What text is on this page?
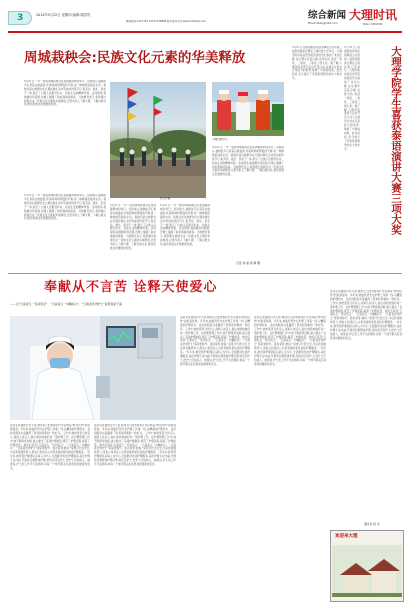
3	2014年5月22日 星期四 编辑:周国茂
新闻热线:2127750 13577258888 数字报刊平台:www.dalidaily.com
综合新闻 大理时讯
Email:dlsxbj@163.com	DALI SHIXUN
周城栽秧会:民族文化元素的华美释放
5月21日,一年一度的周城栽秧会在喜洲镇周城村举行。田间地头,插秧能手们身着白族盛装,伴着唢呐和锣鼓的节奏,将一株株秧苗插进水田。栽秧会是白族群众在长期农耕生活中形成的传统节日,集劳动、娱乐、祭祀于一体,展示了白族人民勤劳朴实、热爱生活的精神风貌。活动现场,栽秧旗迎风招展,田埂上围满了前来观看的游客。当地群众表示,希望通过栽秧会这一民族文化元素的华美释放,让更多的人了解大理、了解白族文化,推动民族文化旅游的发展。
5月21日,一年一度的周城栽秧会在喜洲镇周城村举行。田间地头,插秧能手们身着白族盛装,伴着唢呐和锣鼓的节奏,将一株株秧苗插进水田。栽秧会是白族群众在长期农耕生活中形成的传统节日,集劳动、娱乐、祭祀于一体,展示了白族人民勤劳朴实、热爱生活的精神风貌。活动现场,栽秧旗迎风招展,田埂上围满了前来观看的游客。当地群众表示,希望通过栽秧会这一民族文化元素的华美释放,让更多的人了解大理、了解白族文化,推动民族文化旅游的发展。
秋日小镇
大理白族节日
5月21日,一年一度的周城栽秧会在喜洲镇周城村举行。田间地头,插秧能手们身着白族盛装,伴着唢呐和锣鼓的节奏,将一株株秧苗插进水田。栽秧会是白族群众在长期农耕生活中形成的传统节日,集劳动、娱乐、祭祀于一体,展示了白族人民勤劳朴实、热爱生活的精神风貌。活动现场,栽秧旗迎风招展,田埂上围满了前来观看的游客。当地群众表示,希望通过栽秧会这一民族文化元素的华美释放,让更多的人了解大理、了解白族文化,推动民族文化旅游的发展。
5月21日,一年一度的周城栽秧会在喜洲镇周城村举行。田间地头,插秧能手们身着白族盛装,伴着唢呐和锣鼓的节奏,将一株株秧苗插进水田。栽秧会是白族群众在长期农耕生活中形成的传统节日,集劳动、娱乐、祭祀于一体,展示了白族人民勤劳朴实、热爱生活的精神风貌。活动现场,栽秧旗迎风招展,田埂上围满了前来观看的游客。当地群众表示,希望通过栽秧会这一民族文化元素的华美释放,让更多的人了解大理、了解白族文化,推动民族文化旅游的发展。
5月21日,一年一度的周城栽秧会在喜洲镇周城村举行。田间地头,插秧能手们身着白族盛装,伴着唢呐和锣鼓的节奏,将一株株秧苗插进水田。栽秧会是白族群众在长期农耕生活中形成的传统节日,集劳动、娱乐、祭祀于一体,展示了白族人民勤劳朴实、热爱生活的精神风貌。活动现场,栽秧旗迎风招展,田埂上围满了前来观看的游客。当地群众表示,希望通过栽秧会这一民族文化元素的华美释放,让更多的人了解大理、了解白族文化,推动民族文化旅游的发展。
记者 杨 丽 杨 静 摄
5月21日,由泰国驻昆明总领事馆主办的第二届泰语演讲比赛在云南民族大学举行。大理学院东南亚语学院选派的学生参加了本次比赛,在比赛中沉着冷静,发挥出色,喜获一等奖、二等奖、三等奖三项大奖。据了解,大理学院泰语专业自开设以来,注重学生语言应用能力的培养,取得了丰硕的成果。此次获奖,充分展示了学院泰语教学的实力和水平。
5月21日,由泰国驻昆明总领事馆主办的第二届泰语演讲比赛在云南民族大学举行。大理学院东南亚语学院选派的学生参加了本次比赛,在比赛中沉着冷静,发挥出色,喜获一等奖、二等奖、三等奖三项大奖。据了解,大理学院泰语专业自开设以来,注重学生语言应用能力的培养,取得了丰硕的成果。此次获奖,充分展示了学院泰语教学的实力和水平。	大理学院学生喜获泰语演讲大赛三项大奖
奉献从不言苦 诠释天使爱心
——记"云南省五一劳动奖章"、"云南省五一巾帼标兵"、"云南省优秀护士"获得者赵子丽
这是名普通的白衣天使,她用自己的青春和汗水诠释着"救死扶伤"的崇高使命。多年来,她始终坚守在护理工作第一线,以精湛的护理技术、良好的服务态度赢得了患者和同事的一致好评。工作中,她把患者当作亲人,视病人如亲人,耐心细致地做好每一项护理工作。在护理管理工作中,她不断探索创新,建立健全了各项护理制度,规范了护理流程,提高了护理质量。她先后荣获"云南省五一劳动奖章"、"云南省五一巾帼标兵"、"云南省优秀护士"等荣誉称号。面对荣誉,她说:"荣誉只代表过去,今后我将继续努力,用爱心和责任心为患者提供更优质的护理服务。"多年来,她带领护理团队以病人为中心,全面推进优质护理服务,深化护理专业内涵,开展责任制整体护理,把时间还给护士,把护士还给病人。她常说,护士的工作平凡而琐碎,但每一个细节都关系到患者的健康和安全。
这是名普通的白衣天使,她用自己的青春和汗水诠释着"救死扶伤"的崇高使命。多年来,她始终坚守在护理工作第一线,以精湛的护理技术、良好的服务态度赢得了患者和同事的一致好评。工作中,她把患者当作亲人,视病人如亲人,耐心细致地做好每一项护理工作。在护理管理工作中,她不断探索创新,建立健全了各项护理制度,规范了护理流程,提高了护理质量。她先后荣获"云南省五一劳动奖章"、"云南省五一巾帼标兵"、"云南省优秀护士"等荣誉称号。面对荣誉,她说:"荣誉只代表过去,今后我将继续努力,用爱心和责任心为患者提供更优质的护理服务。"多年来,她带领护理团队以病人为中心,全面推进优质护理服务,深化护理专业内涵,开展责任制整体护理,把时间还给护士,把护士还给病人。她常说,护士的工作平凡而琐碎,但每一个细节都关系到患者的健康和安全。
这是名普通的白衣天使,她用自己的青春和汗水诠释着"救死扶伤"的崇高使命。多年来,她始终坚守在护理工作第一线,以精湛的护理技术、良好的服务态度赢得了患者和同事的一致好评。工作中,她把患者当作亲人,视病人如亲人,耐心细致地做好每一项护理工作。在护理管理工作中,她不断探索创新,建立健全了各项护理制度,规范了护理流程,提高了护理质量。她先后荣获"云南省五一劳动奖章"、"云南省五一巾帼标兵"、"云南省优秀护士"等荣誉称号。面对荣誉,她说:"荣誉只代表过去,今后我将继续努力,用爱心和责任心为患者提供更优质的护理服务。"多年来,她带领护理团队以病人为中心,全面推进优质护理服务,深化护理专业内涵,开展责任制整体护理,把时间还给护士,把护士还给病人。她常说,护士的工作平凡而琐碎,但每一个细节都关系到患者的健康和安全。
这是名普通的白衣天使,她用自己的青春和汗水诠释着"救死扶伤"的崇高使命。多年来,她始终坚守在护理工作第一线,以精湛的护理技术、良好的服务态度赢得了患者和同事的一致好评。工作中,她把患者当作亲人,视病人如亲人,耐心细致地做好每一项护理工作。在护理管理工作中,她不断探索创新,建立健全了各项护理制度,规范了护理流程,提高了护理质量。她先后荣获"云南省五一劳动奖章"、"云南省五一巾帼标兵"、"云南省优秀护士"等荣誉称号。面对荣誉,她说:"荣誉只代表过去,今后我将继续努力,用爱心和责任心为患者提供更优质的护理服务。"多年来,她带领护理团队以病人为中心,全面推进优质护理服务,深化护理专业内涵,开展责任制整体护理,把时间还给护士,把护士还给病人。她常说,护士的工作平凡而琐碎,但每一个细节都关系到患者的健康和安全。
这是名普通的白衣天使,她用自己的青春和汗水诠释着"救死扶伤"的崇高使命。多年来,她始终坚守在护理工作第一线,以精湛的护理技术、良好的服务态度赢得了患者和同事的一致好评。工作中,她把患者当作亲人,视病人如亲人,耐心细致地做好每一项护理工作。在护理管理工作中,她不断探索创新,建立健全了各项护理制度,规范了护理流程,提高了护理质量。她先后荣获"云南省五一劳动奖章"、"云南省五一巾帼标兵"、"云南省优秀护士"等荣誉称号。面对荣誉,她说:"荣誉只代表过去,今后我将继续努力,用爱心和责任心为患者提供更优质的护理服务。"多年来,她带领护理团队以病人为中心,全面推进优质护理服务,深化护理专业内涵,开展责任制整体护理,把时间还给护士,把护士还给病人。她常说,护士的工作平凡而琐碎,但每一个细节都关系到患者的健康和安全。
通讯员 杨 华
欢迎来大理
